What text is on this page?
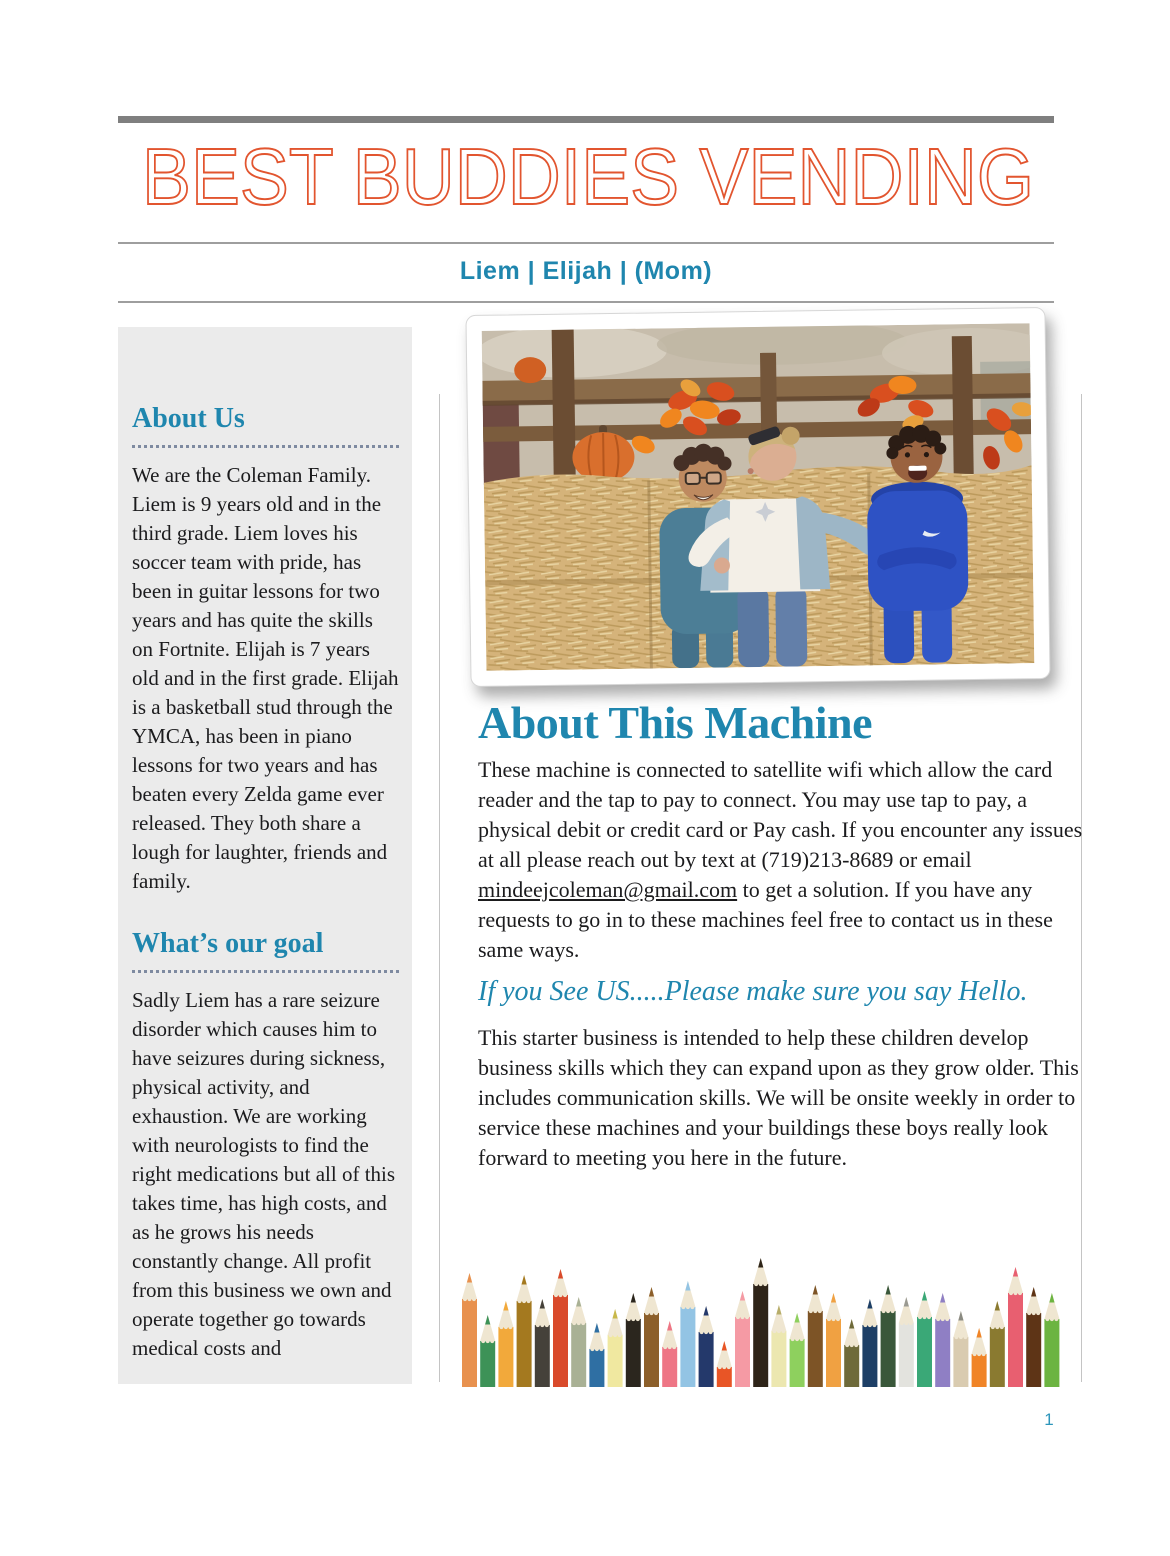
BEST BUDDIES VENDING
Liem | Elijah | (Mom)
About Us

We are the Coleman Family. Liem is 9 years old and in the third grade. Liem loves his soccer team with pride, has been in guitar lessons for two years and has quite the skills on Fortnite. Elijah is 7 years old and in the first grade. Elijah is a basketball stud through the YMCA, has been in piano lessons for two years and has beaten every Zelda game ever released. They both share a lough for laughter, friends and family.

What’s our goal

Sadly Liem has a rare seizure disorder which causes him to have seizures during sickness, physical activity, and exhaustion. We are working with neurologists to find the right medications but all of this takes time, has high costs, and as he grows his needs constantly change. All profit from this business we own and operate together go towards medical costs and

About This Machine

These machine is connected to satellite wifi which allow the card reader and the tap to pay to connect. You may use tap to pay, a physical debit or credit card or Pay cash. If you encounter any issues at all please reach out by text at (719)213-8689 or email mindeejcoleman@gmail.com to get a solution. If you have any requests to go in to these machines feel free to contact us in these same ways.

If you See US.....Please make sure you say Hello.

This starter business is intended to help these children develop business skills which they can expand upon as they grow older. This includes communication skills. We will be onsite weekly in order to service these machines and your buildings these boys really look forward to meeting you here in the future.

1
